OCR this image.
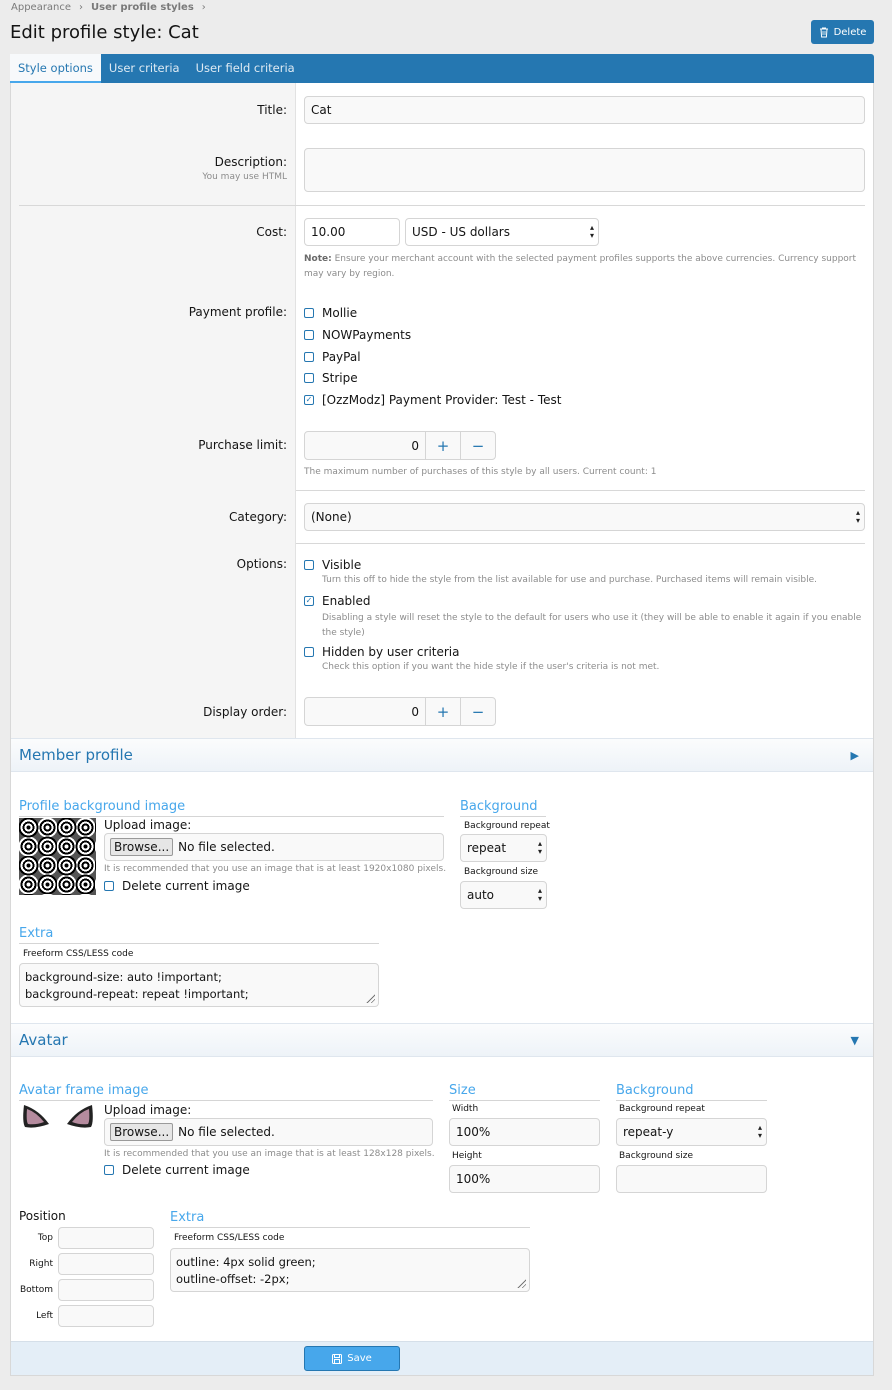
Appearance › User profile styles ›
Edit profile style: Cat	Delete
Style options	User criteria	User field criteria
Title:	Cat
Description:
You may use HTML
Cost:	10.00	USD - US dollars	▴
▾
Note: Ensure your merchant account with the selected payment profiles supports the above currencies. Currency support may vary by region.
Payment profile:	Mollie
NOWPayments
PayPal
Stripe
✓ [OzzModz] Payment Provider: Test - Test
Purchase limit:	0	+	−
The maximum number of purchases of this style by all users. Current count: 1
Category: (None)	▴
▾
Options:	Visible
Turn this off to hide the style from the list available for use and purchase. Purchased items will remain visible.
✓ Enabled
Disabling a style will reset the style to the default for users who use it (they will be able to enable it again if you enable the style)
Hidden by user criteria
Check this option if you want the hide style if the user's criteria is not met.
Display order:	0	+	−
Member profile	▶
Profile background image
Upload image:
Browse... No file selected.
It is recommended that you use an image that is at least 1920x1080 pixels.
Delete current image
Background
Background repeat
repeat	▴
▾
Background size
auto	▴
▾
Extra
Freeform CSS/LESS code
background-size: auto !important;
background-repeat: repeat !important;
Avatar	▼
Avatar frame image
Upload image:
Browse... No file selected.
It is recommended that you use an image that is at least 128x128 pixels.
Delete current image
Size
Width
100%
Height
100%
Background
Background repeat
repeat-y	▴
▾
Background size
Position
Top
Right
Bottom
Left
Extra
Freeform CSS/LESS code
outline: 4px solid green;
outline-offset: -2px;
Save
